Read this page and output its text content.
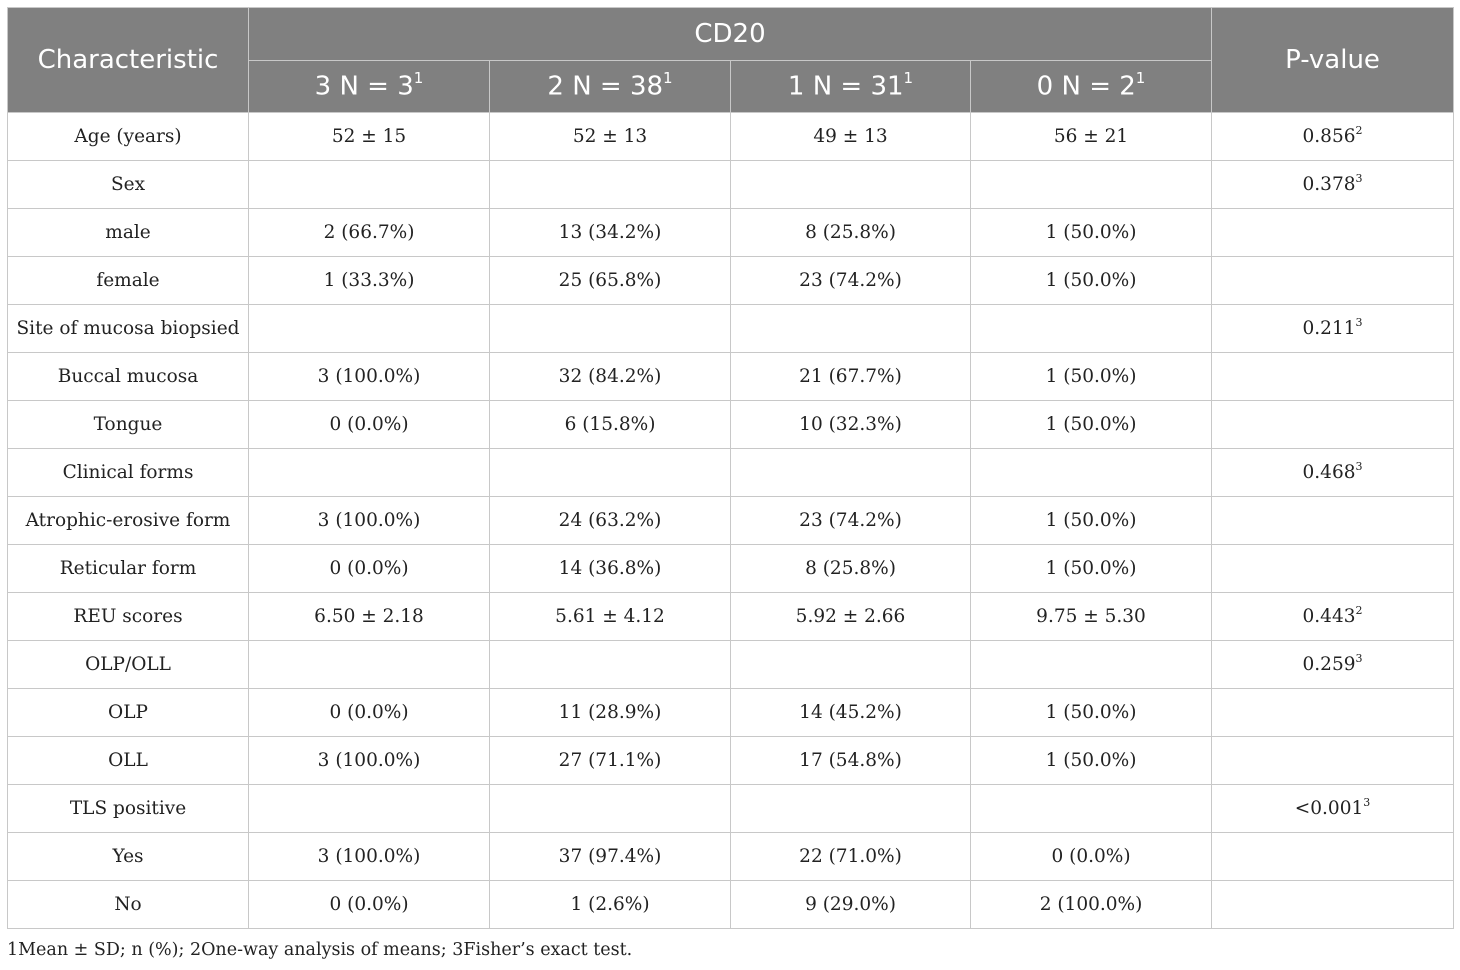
Characteristic	CD20				P-value
	3 $N = 3^1$	2 $N = 38^1$	1 $N = 31^1$	0 $N = 2^1$
Age (years)	52 ± 15	52 ± 13	49 ± 13	56 ± 21	0.856$^2$
Sex					0.378$^3$
male	2 (66.7%)	13 (34.2%)	8 (25.8%)	1 (50.0%)	
female	1 (33.3%)	25 (65.8%)	23 (74.2%)	1 (50.0%)	
Site of mucosa biopsied					0.211$^3$
Buccal mucosa	3 (100.0%)	32 (84.2%)	21 (67.7%)	1 (50.0%)	
Tongue	0 (0.0%)	6 (15.8%)	10 (32.3%)	1 (50.0%)	
Clinical forms					0.468$^3$
Atrophic-erosive form	3 (100.0%)	24 (63.2%)	23 (74.2%)	1 (50.0%)	
Reticular form	0 (0.0%)	14 (36.8%)	8 (25.8%)	1 (50.0%)	
REU scores	6.50 ± 2.18	5.61 ± 4.12	5.92 ± 2.66	9.75 ± 5.30	0.443$^2$
OLP/OLL					0.259$^3$
OLP	0 (0.0%)	11 (28.9%)	14 (45.2%)	1 (50.0%)	
OLL	3 (100.0%)	27 (71.1%)	17 (54.8%)	1 (50.0%)	
TLS positive					$<0.001^3$
Yes	3 (100.0%)	37 (97.4%)	22 (71.0%)	0 (0.0%)	
No	0 (0.0%)	1 (2.6%)	9 (29.0%)	2 (100.0%)	
1Mean ± SD; n (%); 2One-way analysis of means; 3Fisher’s exact test.
